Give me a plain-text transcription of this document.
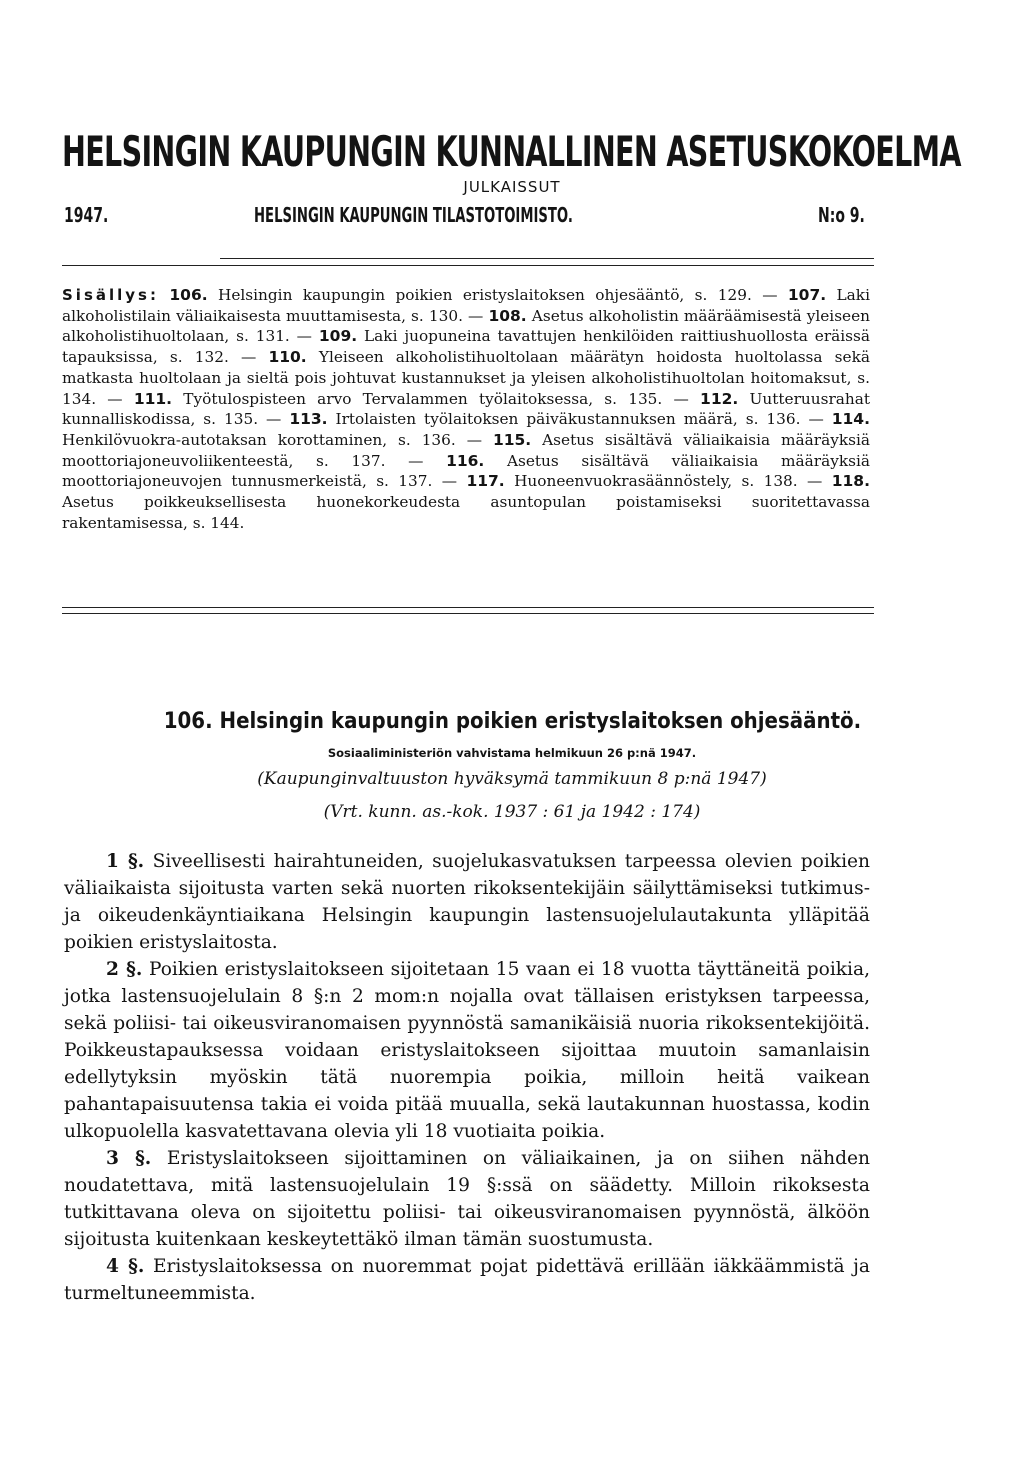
HELSINGIN KAUPUNGIN KUNNALLINEN ASETUSKOKOELMA
JULKAISSUT
1947.	HELSINGIN KAUPUNGIN TILASTOTOIMISTO.	N:o 9.
Sisällys: 106. Helsingin kaupungin poikien eristyslaitoksen ohjesääntö, s. 129. — 107. Laki alkoholistilain väliaikaisesta muuttamisesta, s. 130. — 108. Asetus alkoholistin määräämisestä yleiseen alkoholistihuoltolaan, s. 131. — 109. Laki juopuneina tavattujen henkilöiden raittiushuollosta eräissä tapauksissa, s. 132. — 110. Yleiseen alkoholistihuoltolaan määrätyn hoidosta huoltolassa sekä matkasta huoltolaan ja sieltä pois johtuvat kustannukset ja yleisen alkoholistihuoltolan hoitomaksut, s. 134. — 111. Työtulospisteen arvo Tervalammen työlaitoksessa, s. 135. — 112. Uutteruusrahat kunnalliskodissa, s. 135. — 113. Irtolaisten työlaitoksen päiväkustannuksen määrä, s. 136. — 114. Henkilövuokra-autotaksan korottaminen, s. 136. — 115. Asetus sisältävä väliaikaisia määräyksiä moottoriajoneuvoliikenteestä, s. 137. — 116. Asetus sisältävä väliaikaisia määräyksiä moottoriajoneuvojen tunnusmerkeistä, s. 137. — 117. Huoneenvuokrasäännöstely, s. 138. — 118. Asetus poikkeuksellisesta huonekorkeudesta asuntopulan poistamiseksi suoritettavassa rakentamisessa, s. 144.
106. Helsingin kaupungin poikien eristyslaitoksen ohjesääntö.
Sosiaaliministeriön vahvistama helmikuun 26 p:nä 1947.
(Kaupunginvaltuuston hyväksymä tammikuun 8 p:nä 1947)
(Vrt. kunn. as.-kok. 1937 : 61 ja 1942 : 174)

1 §. Siveellisesti hairahtuneiden, suojelukasvatuksen tarpeessa olevien poikien väliaikaista sijoitusta varten sekä nuorten rikoksentekijäin säilyttämiseksi tutkimus- ja oikeudenkäyntiaikana Helsingin kaupungin lastensuojelulautakunta ylläpitää poikien eristyslaitosta.

2 §. Poikien eristyslaitokseen sijoitetaan 15 vaan ei 18 vuotta täyttäneitä poikia, jotka lastensuojelulain 8 §:n 2 mom:n nojalla ovat tällaisen eristyksen tarpeessa, sekä poliisi- tai oikeusviranomaisen pyynnöstä samanikäisiä nuoria rikoksentekijöitä. Poikkeustapauksessa voidaan eristyslaitokseen sijoittaa muutoin samanlaisin edellytyksin myöskin tätä nuorempia poikia, milloin heitä vaikean pahantapaisuutensa takia ei voida pitää muualla, sekä lautakunnan huostassa, kodin ulkopuolella kasvatettavana olevia yli 18 vuotiaita poikia.

3 §. Eristyslaitokseen sijoittaminen on väliaikainen, ja on siihen nähden noudatettava, mitä lastensuojelulain 19 §:ssä on säädetty. Milloin rikoksesta tutkittavana oleva on sijoitettu poliisi- tai oikeusviranomaisen pyynnöstä, älköön sijoitusta kuitenkaan keskeytettäkö ilman tämän suostumusta.

4 §. Eristyslaitoksessa on nuoremmat pojat pidettävä erillään iäkkäämmistä ja turmeltuneemmista.
